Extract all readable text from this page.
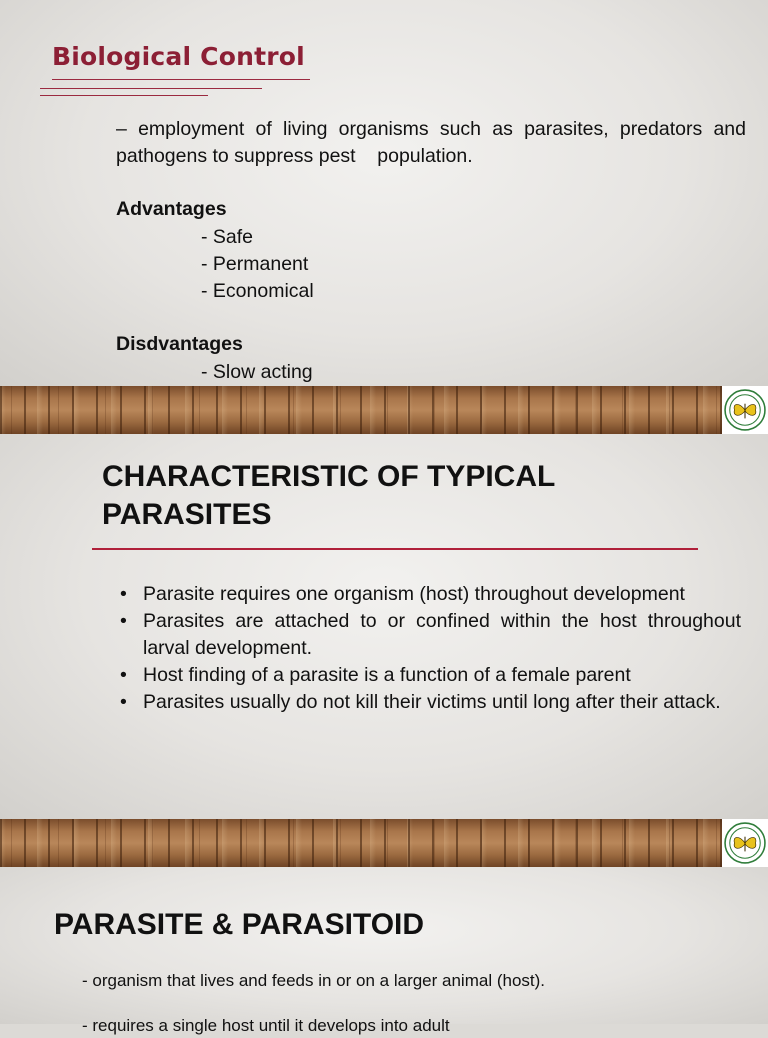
Biological Control

– employment of living organisms such as parasites, predators and pathogens to suppress pest    population.

Advantages

- Safe

- Permanent

- Economical

Disdvantages

- Slow acting

CHARACTERISTIC OF TYPICAL PARASITES
• Parasite requires one organism (host) throughout development
• Parasites are attached to or confined within the host throughout larval development.
• Host finding of a parasite is a function of a female parent
• Parasites usually do not kill their victims until long after their attack.
PARASITE & PARASITOID

- organism that lives and feeds in or on a larger animal (host).

- requires a single host until it develops into adult
